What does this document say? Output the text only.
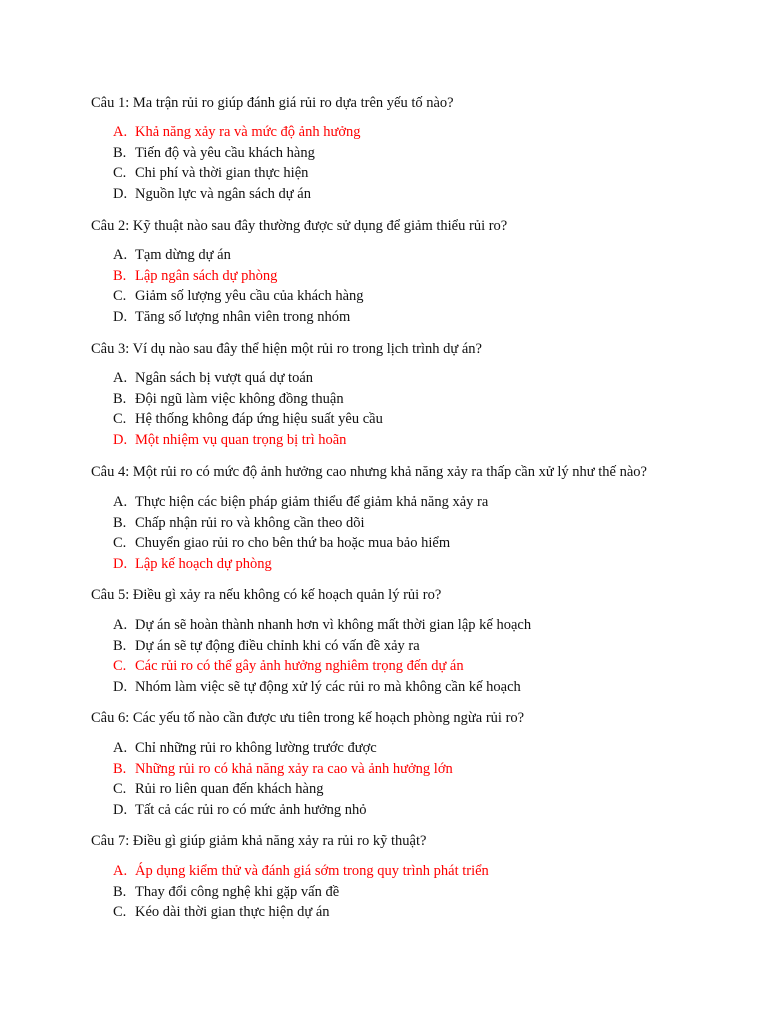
Câu 1: Ma trận rủi ro giúp đánh giá rủi ro dựa trên yếu tố nào?
A. Khả năng xảy ra và mức độ ảnh hưởng
B. Tiến độ và yêu cầu khách hàng
C. Chi phí và thời gian thực hiện
D. Nguồn lực và ngân sách dự án
Câu 2: Kỹ thuật nào sau đây thường được sử dụng để giảm thiểu rủi ro?
A. Tạm dừng dự án
B. Lập ngân sách dự phòng
C. Giảm số lượng yêu cầu của khách hàng
D. Tăng số lượng nhân viên trong nhóm
Câu 3: Ví dụ nào sau đây thể hiện một rủi ro trong lịch trình dự án?
A. Ngân sách bị vượt quá dự toán
B. Đội ngũ làm việc không đồng thuận
C. Hệ thống không đáp ứng hiệu suất yêu cầu
D. Một nhiệm vụ quan trọng bị trì hoãn
Câu 4: Một rủi ro có mức độ ảnh hưởng cao nhưng khả năng xảy ra thấp cần xử lý như thế nào?
A. Thực hiện các biện pháp giảm thiểu để giảm khả năng xảy ra
B. Chấp nhận rủi ro và không cần theo dõi
C. Chuyển giao rủi ro cho bên thứ ba hoặc mua bảo hiểm
D. Lập kế hoạch dự phòng
Câu 5: Điều gì xảy ra nếu không có kế hoạch quản lý rủi ro?
A. Dự án sẽ hoàn thành nhanh hơn vì không mất thời gian lập kế hoạch
B. Dự án sẽ tự động điều chỉnh khi có vấn đề xảy ra
C. Các rủi ro có thể gây ảnh hưởng nghiêm trọng đến dự án
D. Nhóm làm việc sẽ tự động xử lý các rủi ro mà không cần kế hoạch
Câu 6: Các yếu tố nào cần được ưu tiên trong kế hoạch phòng ngừa rủi ro?
A. Chỉ những rủi ro không lường trước được
B. Những rủi ro có khả năng xảy ra cao và ảnh hưởng lớn
C. Rủi ro liên quan đến khách hàng
D. Tất cả các rủi ro có mức ảnh hưởng nhỏ
Câu 7: Điều gì giúp giảm khả năng xảy ra rủi ro kỹ thuật?
A. Áp dụng kiểm thử và đánh giá sớm trong quy trình phát triển
B. Thay đổi công nghệ khi gặp vấn đề
C. Kéo dài thời gian thực hiện dự án
